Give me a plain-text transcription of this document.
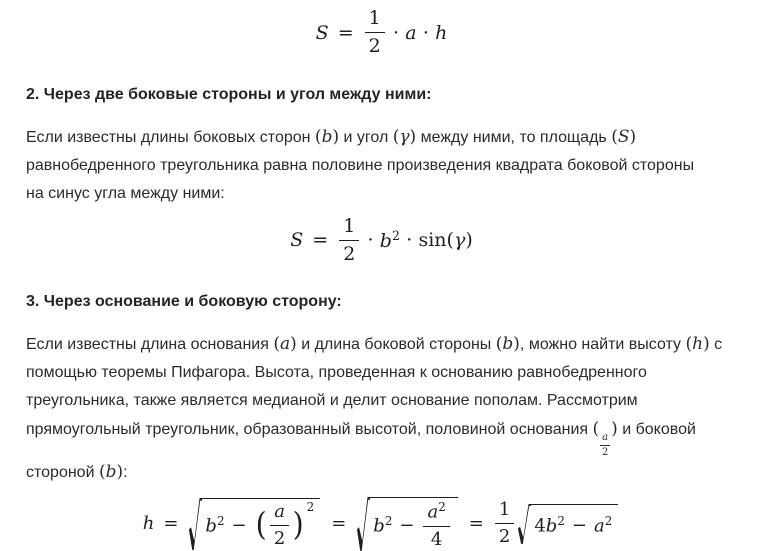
$S = \frac{1}{2} \cdot a \cdot h$
2. Через две боковые стороны и угол между ними:

Если известны длины боковых сторон (b) и угол (γ) между ними, то площадь (S)
равнобедренного треугольника равна половине произведения квадрата боковой стороны
на синус угла между ними:

$S = \frac{1}{2} \cdot b^2 \cdot \sin(\gamma)$
3. Через основание и боковую сторону:

Если известны длина основания (a) и длина боковой стороны (b), можно найти высоту (h) с
помощью теоремы Пифагора. Высота, проведенная к основанию равнобедренного
треугольника, также является медианой и делит основание пополам. Рассмотрим
прямоугольный треугольник, образованный высотой, половиной основания (
$\frac{a}{2}$
) и боковой
стороной (b):

$h = b^2$ − ( $\frac{a}{2}$ ) 2
= $b^2 - \frac{a^2}{4} = \frac{1}{2} 4b^2 - a^2$
